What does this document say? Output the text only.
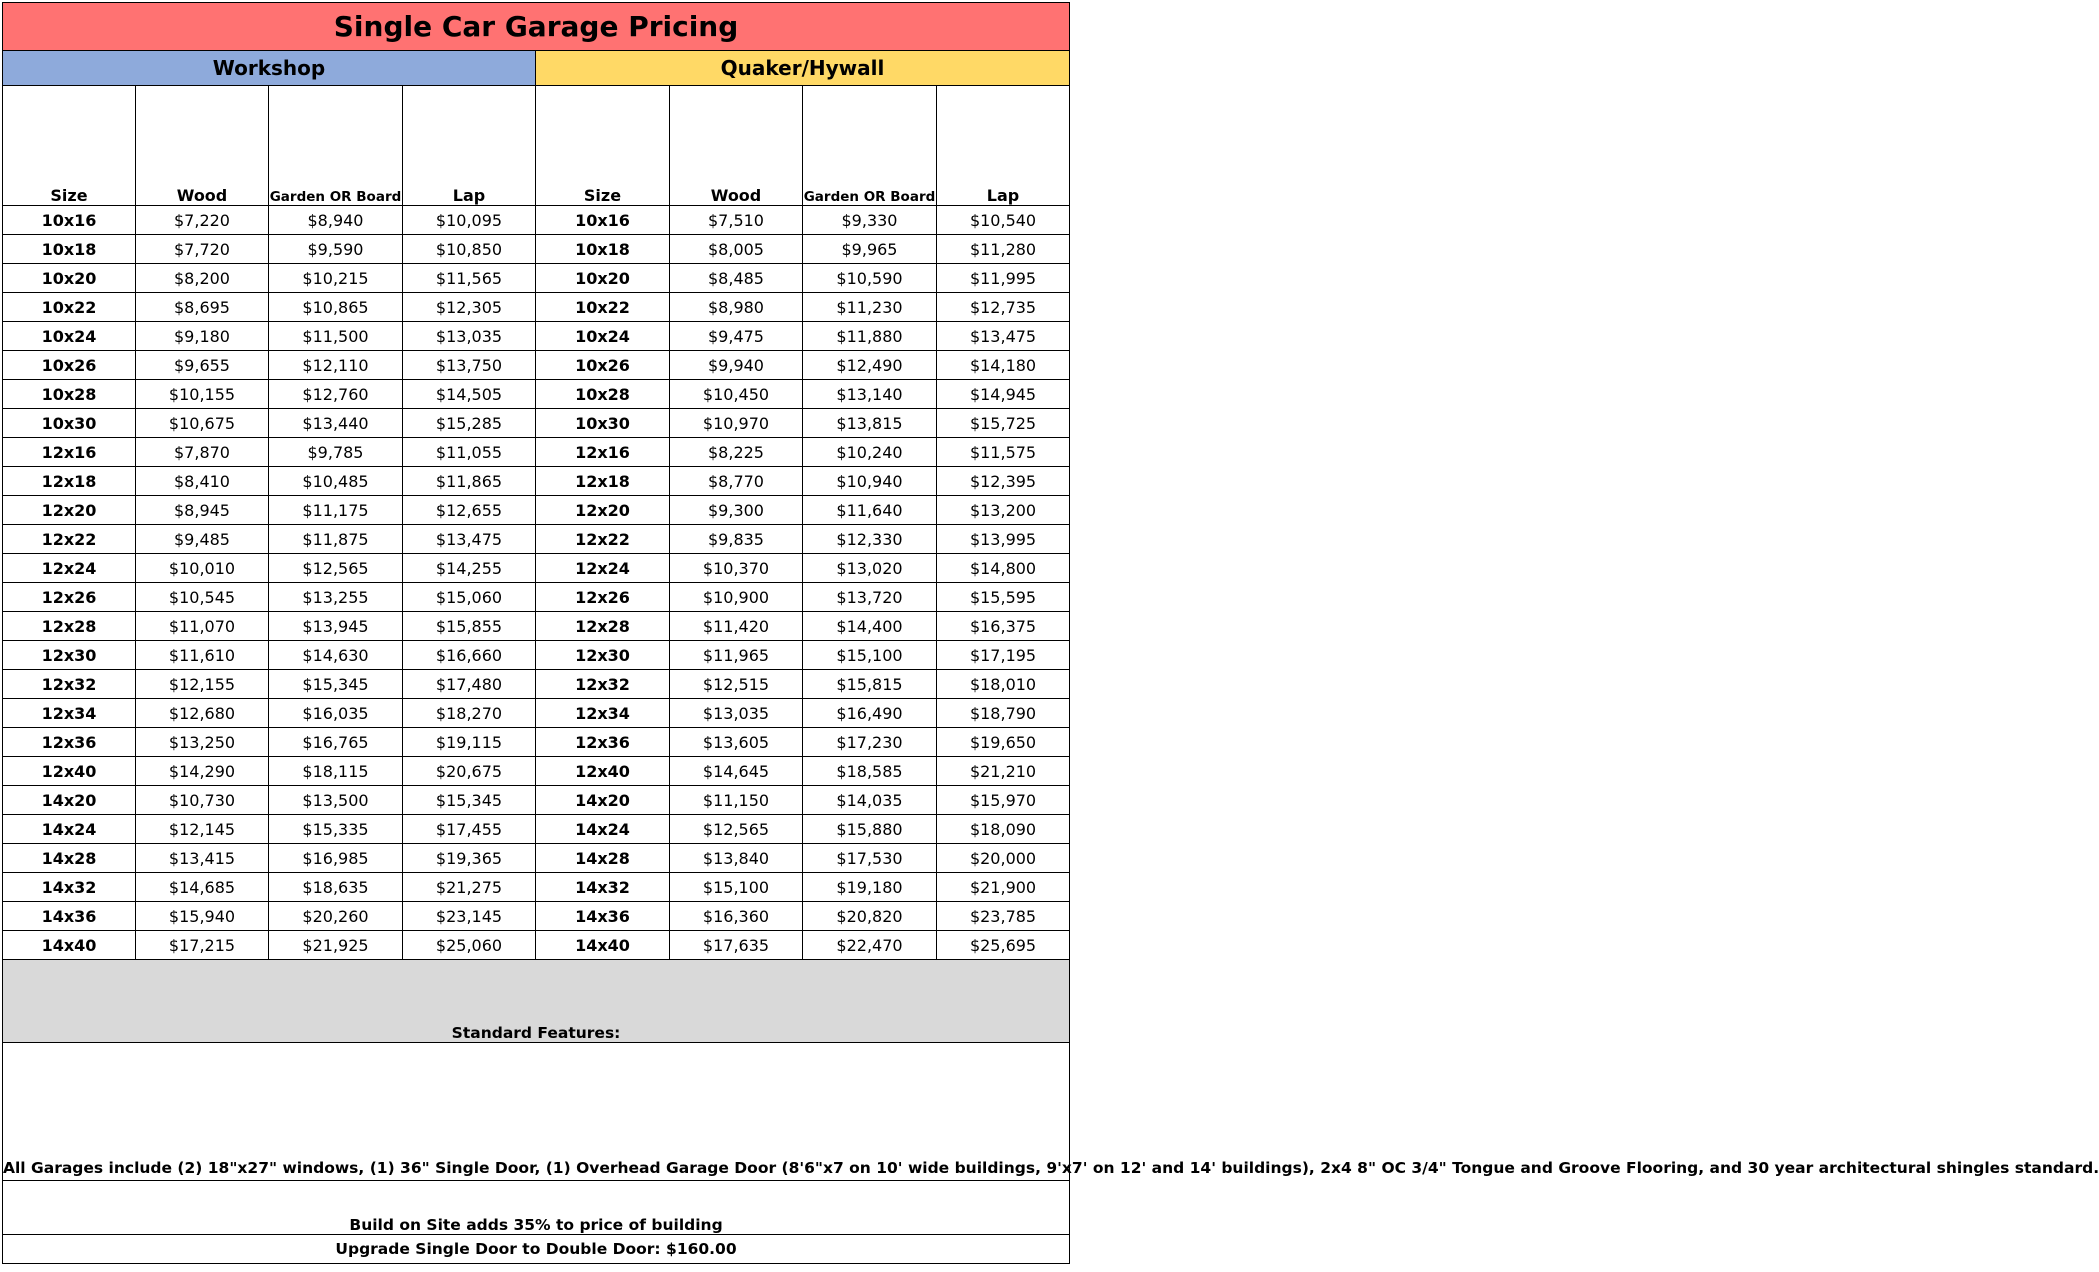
Single Car Garage Pricing							
Workshop				Quaker/Hywall			
Size	Wood	Garden OR Board	Lap	Size	Wood	Garden OR Board	Lap
10x16	$7,220	$8,940	$10,095	10x16	$7,510	$9,330	$10,540
10x18	$7,720	$9,590	$10,850	10x18	$8,005	$9,965	$11,280
10x20	$8,200	$10,215	$11,565	10x20	$8,485	$10,590	$11,995
10x22	$8,695	$10,865	$12,305	10x22	$8,980	$11,230	$12,735
10x24	$9,180	$11,500	$13,035	10x24	$9,475	$11,880	$13,475
10x26	$9,655	$12,110	$13,750	10x26	$9,940	$12,490	$14,180
10x28	$10,155	$12,760	$14,505	10x28	$10,450	$13,140	$14,945
10x30	$10,675	$13,440	$15,285	10x30	$10,970	$13,815	$15,725
12x16	$7,870	$9,785	$11,055	12x16	$8,225	$10,240	$11,575
12x18	$8,410	$10,485	$11,865	12x18	$8,770	$10,940	$12,395
12x20	$8,945	$11,175	$12,655	12x20	$9,300	$11,640	$13,200
12x22	$9,485	$11,875	$13,475	12x22	$9,835	$12,330	$13,995
12x24	$10,010	$12,565	$14,255	12x24	$10,370	$13,020	$14,800
12x26	$10,545	$13,255	$15,060	12x26	$10,900	$13,720	$15,595
12x28	$11,070	$13,945	$15,855	12x28	$11,420	$14,400	$16,375
12x30	$11,610	$14,630	$16,660	12x30	$11,965	$15,100	$17,195
12x32	$12,155	$15,345	$17,480	12x32	$12,515	$15,815	$18,010
12x34	$12,680	$16,035	$18,270	12x34	$13,035	$16,490	$18,790
12x36	$13,250	$16,765	$19,115	12x36	$13,605	$17,230	$19,650
12x40	$14,290	$18,115	$20,675	12x40	$14,645	$18,585	$21,210
14x20	$10,730	$13,500	$15,345	14x20	$11,150	$14,035	$15,970
14x24	$12,145	$15,335	$17,455	14x24	$12,565	$15,880	$18,090
14x28	$13,415	$16,985	$19,365	14x28	$13,840	$17,530	$20,000
14x32	$14,685	$18,635	$21,275	14x32	$15,100	$19,180	$21,900
14x36	$15,940	$20,260	$23,145	14x36	$16,360	$20,820	$23,785
14x40	$17,215	$21,925	$25,060	14x40	$17,635	$22,470	$25,695
Standard Features:							
All Garages include (2) 18"x27" windows, (1) 36" Single Door, (1) Overhead Garage Door (8'6"x7 on 10' wide buildings, 9'x7' on 12' and 14' buildings), 2x4 8" OC 3/4" Tongue and Groove Flooring, and 30 year architectural shingles standard.							
Build on Site adds 35% to price of building							
Upgrade Single Door to Double Door: $160.00							
